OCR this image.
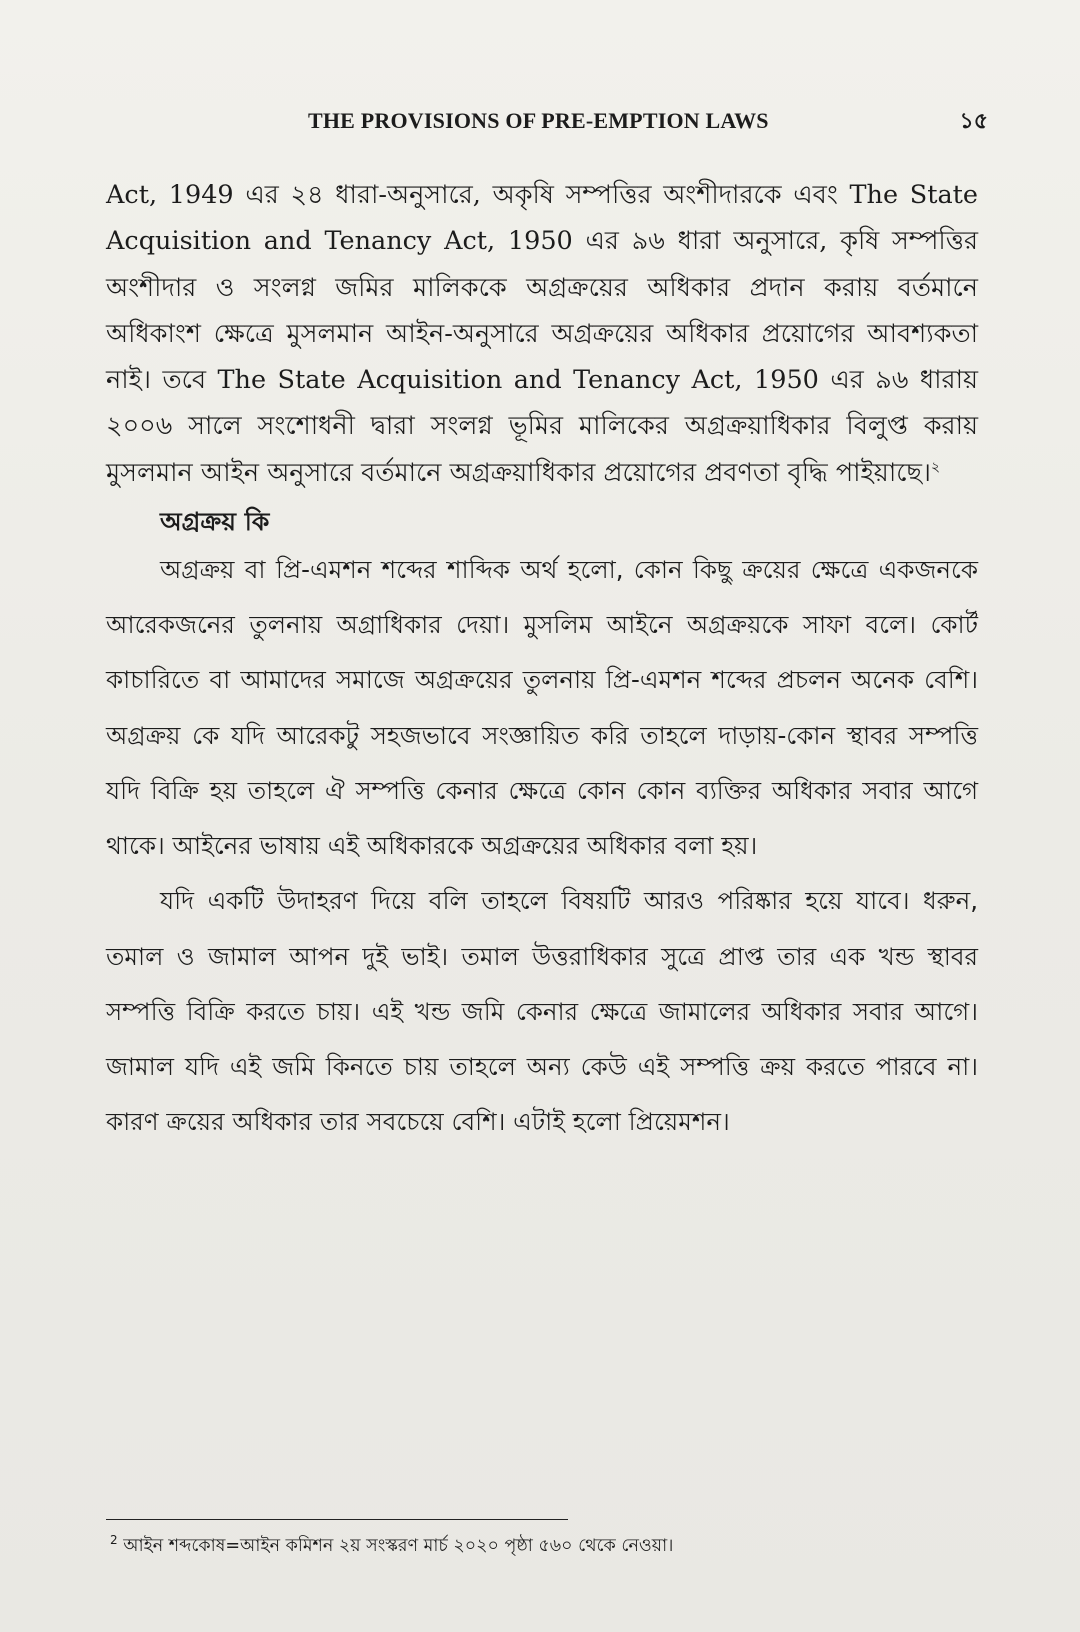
THE PROVISIONS OF PRE-EMPTION LAWS	১৫

Act, 1949 এর ২৪ ধারা-অনুসারে, অকৃষি সম্পত্তির অংশীদারকে এবং The State Acquisition and Tenancy Act, 1950 এর ৯৬ ধারা অনুসারে, কৃষি সম্পত্তির অংশীদার ও সংলগ্ন জমির মালিককে অগ্রক্রয়ের অধিকার প্রদান করায় বর্তমানে অধিকাংশ ক্ষেত্রে মুসলমান আইন-অনুসারে অগ্রক্রয়ের অধিকার প্রয়োগের আবশ্যকতা নাই। তবে The State Acquisition and Tenancy Act, 1950 এর ৯৬ ধারায় ২০০৬ সালে সংশোধনী দ্বারা সংলগ্ন ভূমির মালিকের অগ্রক্রয়াধিকার বিলুপ্ত করায় মুসলমান আইন অনুসারে বর্তমানে অগ্রক্রয়াধিকার প্রয়োগের প্রবণতা বৃদ্ধি পাইয়াছে।$^২$

অগ্রক্রয় কি

অগ্রক্রয় বা প্রি-এমশন শব্দের শাব্দিক অর্থ হলো, কোন কিছু ক্রয়ের ক্ষেত্রে একজনকে আরেকজনের তুলনায় অগ্রাধিকার দেয়া। মুসলিম আইনে অগ্রক্রয়কে সাফা বলে। কোর্ট কাচারিতে বা আমাদের সমাজে অগ্রক্রয়ের তুলনায় প্রি-এমশন শব্দের প্রচলন অনেক বেশি। অগ্রক্রয় কে যদি আরেকটু সহজভাবে সংজ্ঞায়িত করি তাহলে দাড়ায়-কোন স্থাবর সম্পত্তি যদি বিক্রি হয় তাহলে ঐ সম্পত্তি কেনার ক্ষেত্রে কোন কোন ব্যক্তির অধিকার সবার আগে থাকে। আইনের ভাষায় এই অধিকারকে অগ্রক্রয়ের অধিকার বলা হয়।

যদি একটি উদাহরণ দিয়ে বলি তাহলে বিষয়টি আরও পরিষ্কার হয়ে যাবে। ধরুন, তমাল ও জামাল আপন দুই ভাই। তমাল উত্তরাধিকার সুত্রে প্রাপ্ত তার এক খন্ড স্থাবর সম্পত্তি বিক্রি করতে চায়। এই খন্ড জমি কেনার ক্ষেত্রে জামালের অধিকার সবার আগে। জামাল যদি এই জমি কিনতে চায় তাহলে অন্য কেউ এই সম্পত্তি ক্রয় করতে পারবে না। কারণ ক্রয়ের অধিকার তার সবচেয়ে বেশি। এটাই হলো প্রিয়েমশন।

$^2$ আইন শব্দকোষ=আইন কমিশন ২য় সংস্করণ মার্চ ২০২০ পৃষ্ঠা ৫৬০ থেকে নেওয়া।
